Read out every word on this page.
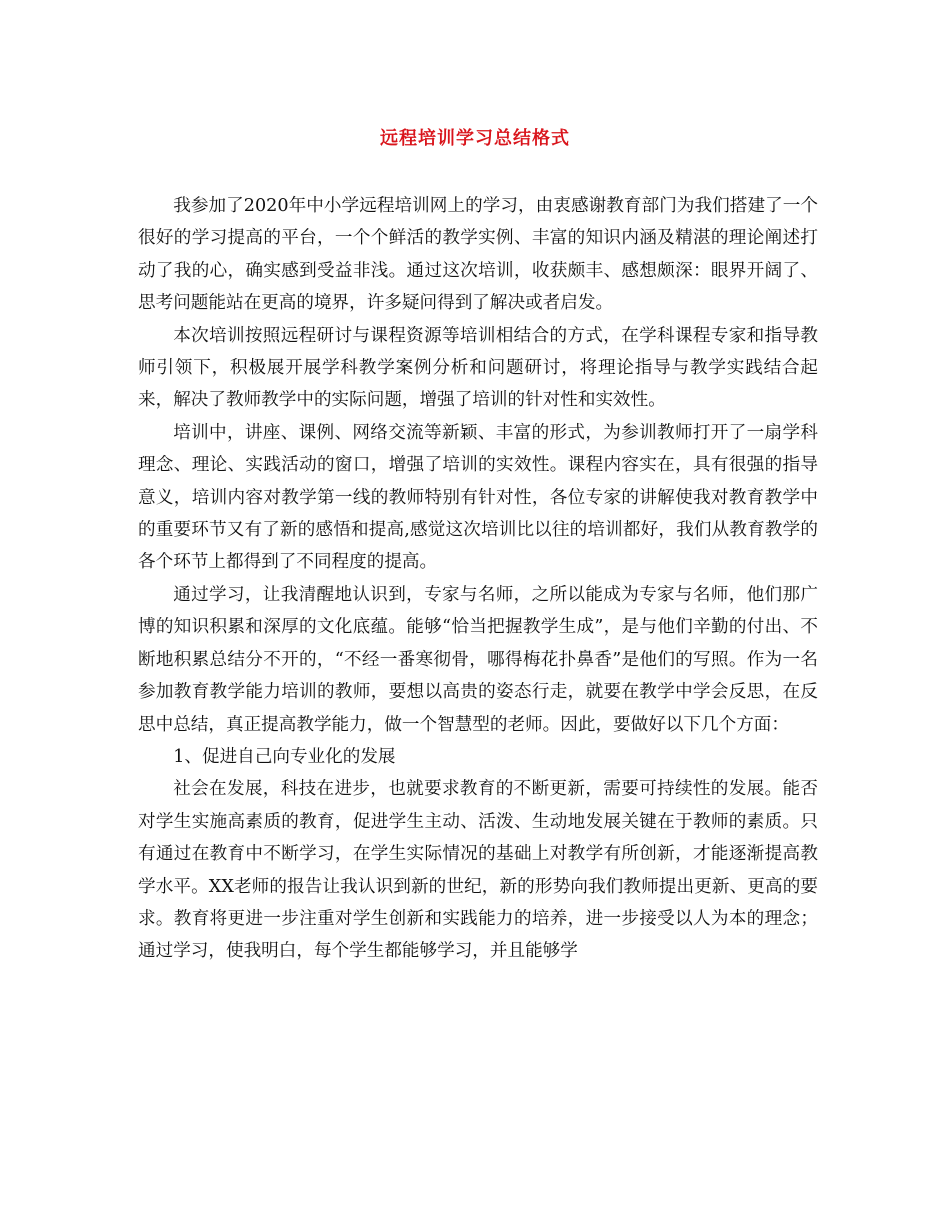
远程培训学习总结格式

我参加了2020年中小学远程培训网上的学习，由衷感谢教育部门为我们搭建了一个很好的学习提高的平台，一个个鲜活的教学实例、丰富的知识内涵及精湛的理论阐述打动了我的心，确实感到受益非浅。通过这次培训，收获颇丰、感想颇深：眼界开阔了、思考问题能站在更高的境界，许多疑问得到了解决或者启发。

本次培训按照远程研讨与课程资源等培训相结合的方式，在学科课程专家和指导教师引领下，积极展开展学科教学案例分析和问题研讨，将理论指导与教学实践结合起来，解决了教师教学中的实际问题，增强了培训的针对性和实效性。

培训中，讲座、课例、网络交流等新颖、丰富的形式，为参训教师打开了一扇学科理念、理论、实践活动的窗口，增强了培训的实效性。课程内容实在，具有很强的指导意义，培训内容对教学第一线的教师特别有针对性，各位专家的讲解使我对教育教学中的重要环节又有了新的感悟和提高,感觉这次培训比以往的培训都好，我们从教育教学的各个环节上都得到了不同程度的提高。

通过学习，让我清醒地认识到，专家与名师，之所以能成为专家与名师，他们那广博的知识积累和深厚的文化底蕴。能够“恰当把握教学生成”，是与他们辛勤的付出、不断地积累总结分不开的，“不经一番寒彻骨，哪得梅花扑鼻香”是他们的写照。作为一名参加教育教学能力培训的教师，要想以高贵的姿态行走，就要在教学中学会反思，在反思中总结，真正提高教学能力，做一个智慧型的老师。因此，要做好以下几个方面：

1、促进自己向专业化的发展

社会在发展，科技在进步，也就要求教育的不断更新，需要可持续性的发展。能否对学生实施高素质的教育，促进学生主动、活泼、生动地发展关键在于教师的素质。只有通过在教育中不断学习，在学生实际情况的基础上对教学有所创新，才能逐渐提高教学水平。XX老师的报告让我认识到新的世纪，新的形势向我们教师提出更新、更高的要求。教育将更进一步注重对学生创新和实践能力的培养，进一步接受以人为本的理念；通过学习，使我明白，每个学生都能够学习，并且能够学
